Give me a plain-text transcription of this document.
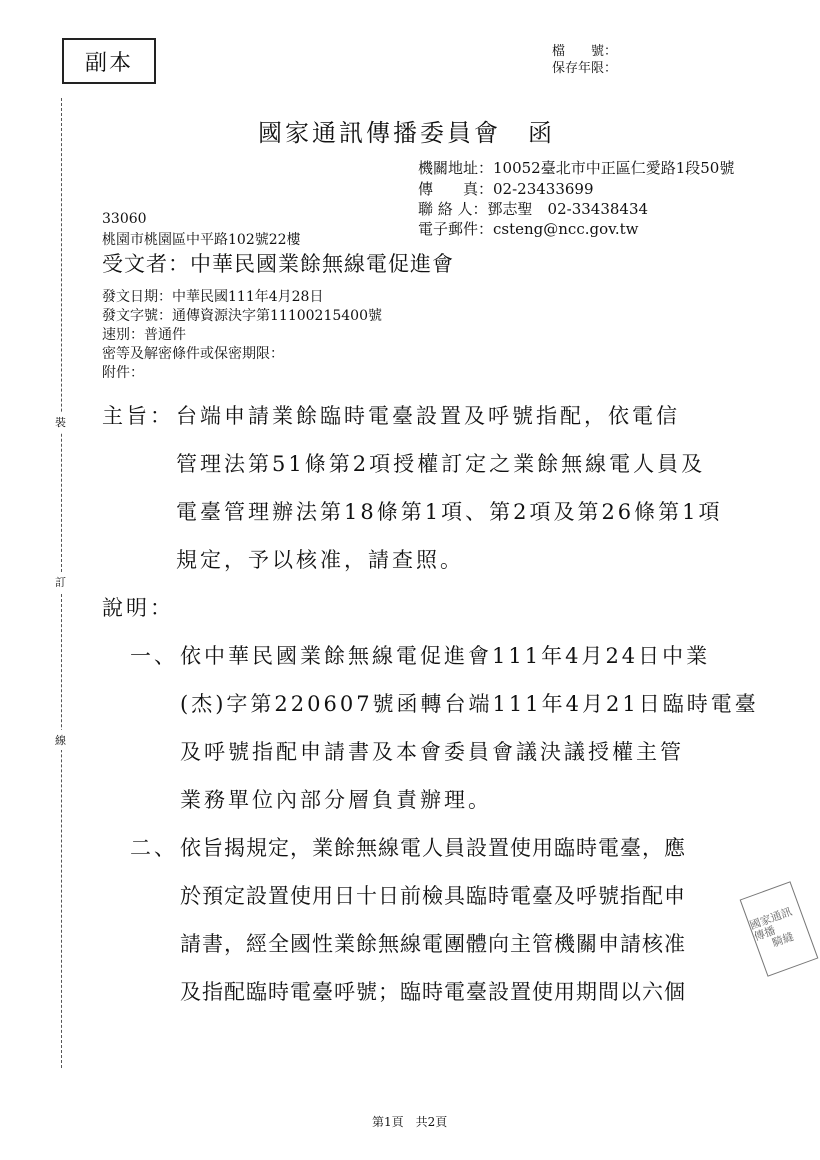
副本	檔　　號：
保存年限：
裝
訂
線
國家通訊傳播委員會　函
機關地址：10052臺北市中正區仁愛路1段50號
傳　　真：02-23433699
聯 絡 人：鄧志聖　02-33438434
電子郵件：csteng@ncc.gov.tw
33060
桃園市桃園區中平路102號22樓
受文者：中華民國業餘無線電促進會
發文日期：中華民國111年4月28日
發文字號：通傳資源決字第11100215400號
速別：普通件
密等及解密條件或保密期限：
附件：
主旨： 台端申請業餘臨時電臺設置及呼號指配，依電信
管理法第51條第2項授權訂定之業餘無線電人員及
電臺管理辦法第18條第1項、第2項及第26條第1項
規定，予以核准，請查照。
說明：
一、 依中華民國業餘無線電促進會111年4月24日中業
(杰)字第220607號函轉台端111年4月21日臨時電臺
及呼號指配申請書及本會委員會議決議授權主管
業務單位內部分層負責辦理。
二、 依旨揭規定，業餘無線電人員設置使用臨時電臺，應
於預定設置使用日十日前檢具臨時電臺及呼號指配申
請書，經全國性業餘無線電團體向主管機關申請核准
及指配臨時電臺呼號；臨時電臺設置使用期間以六個
國家通訊傳播
騎縫
第1頁　共2頁
